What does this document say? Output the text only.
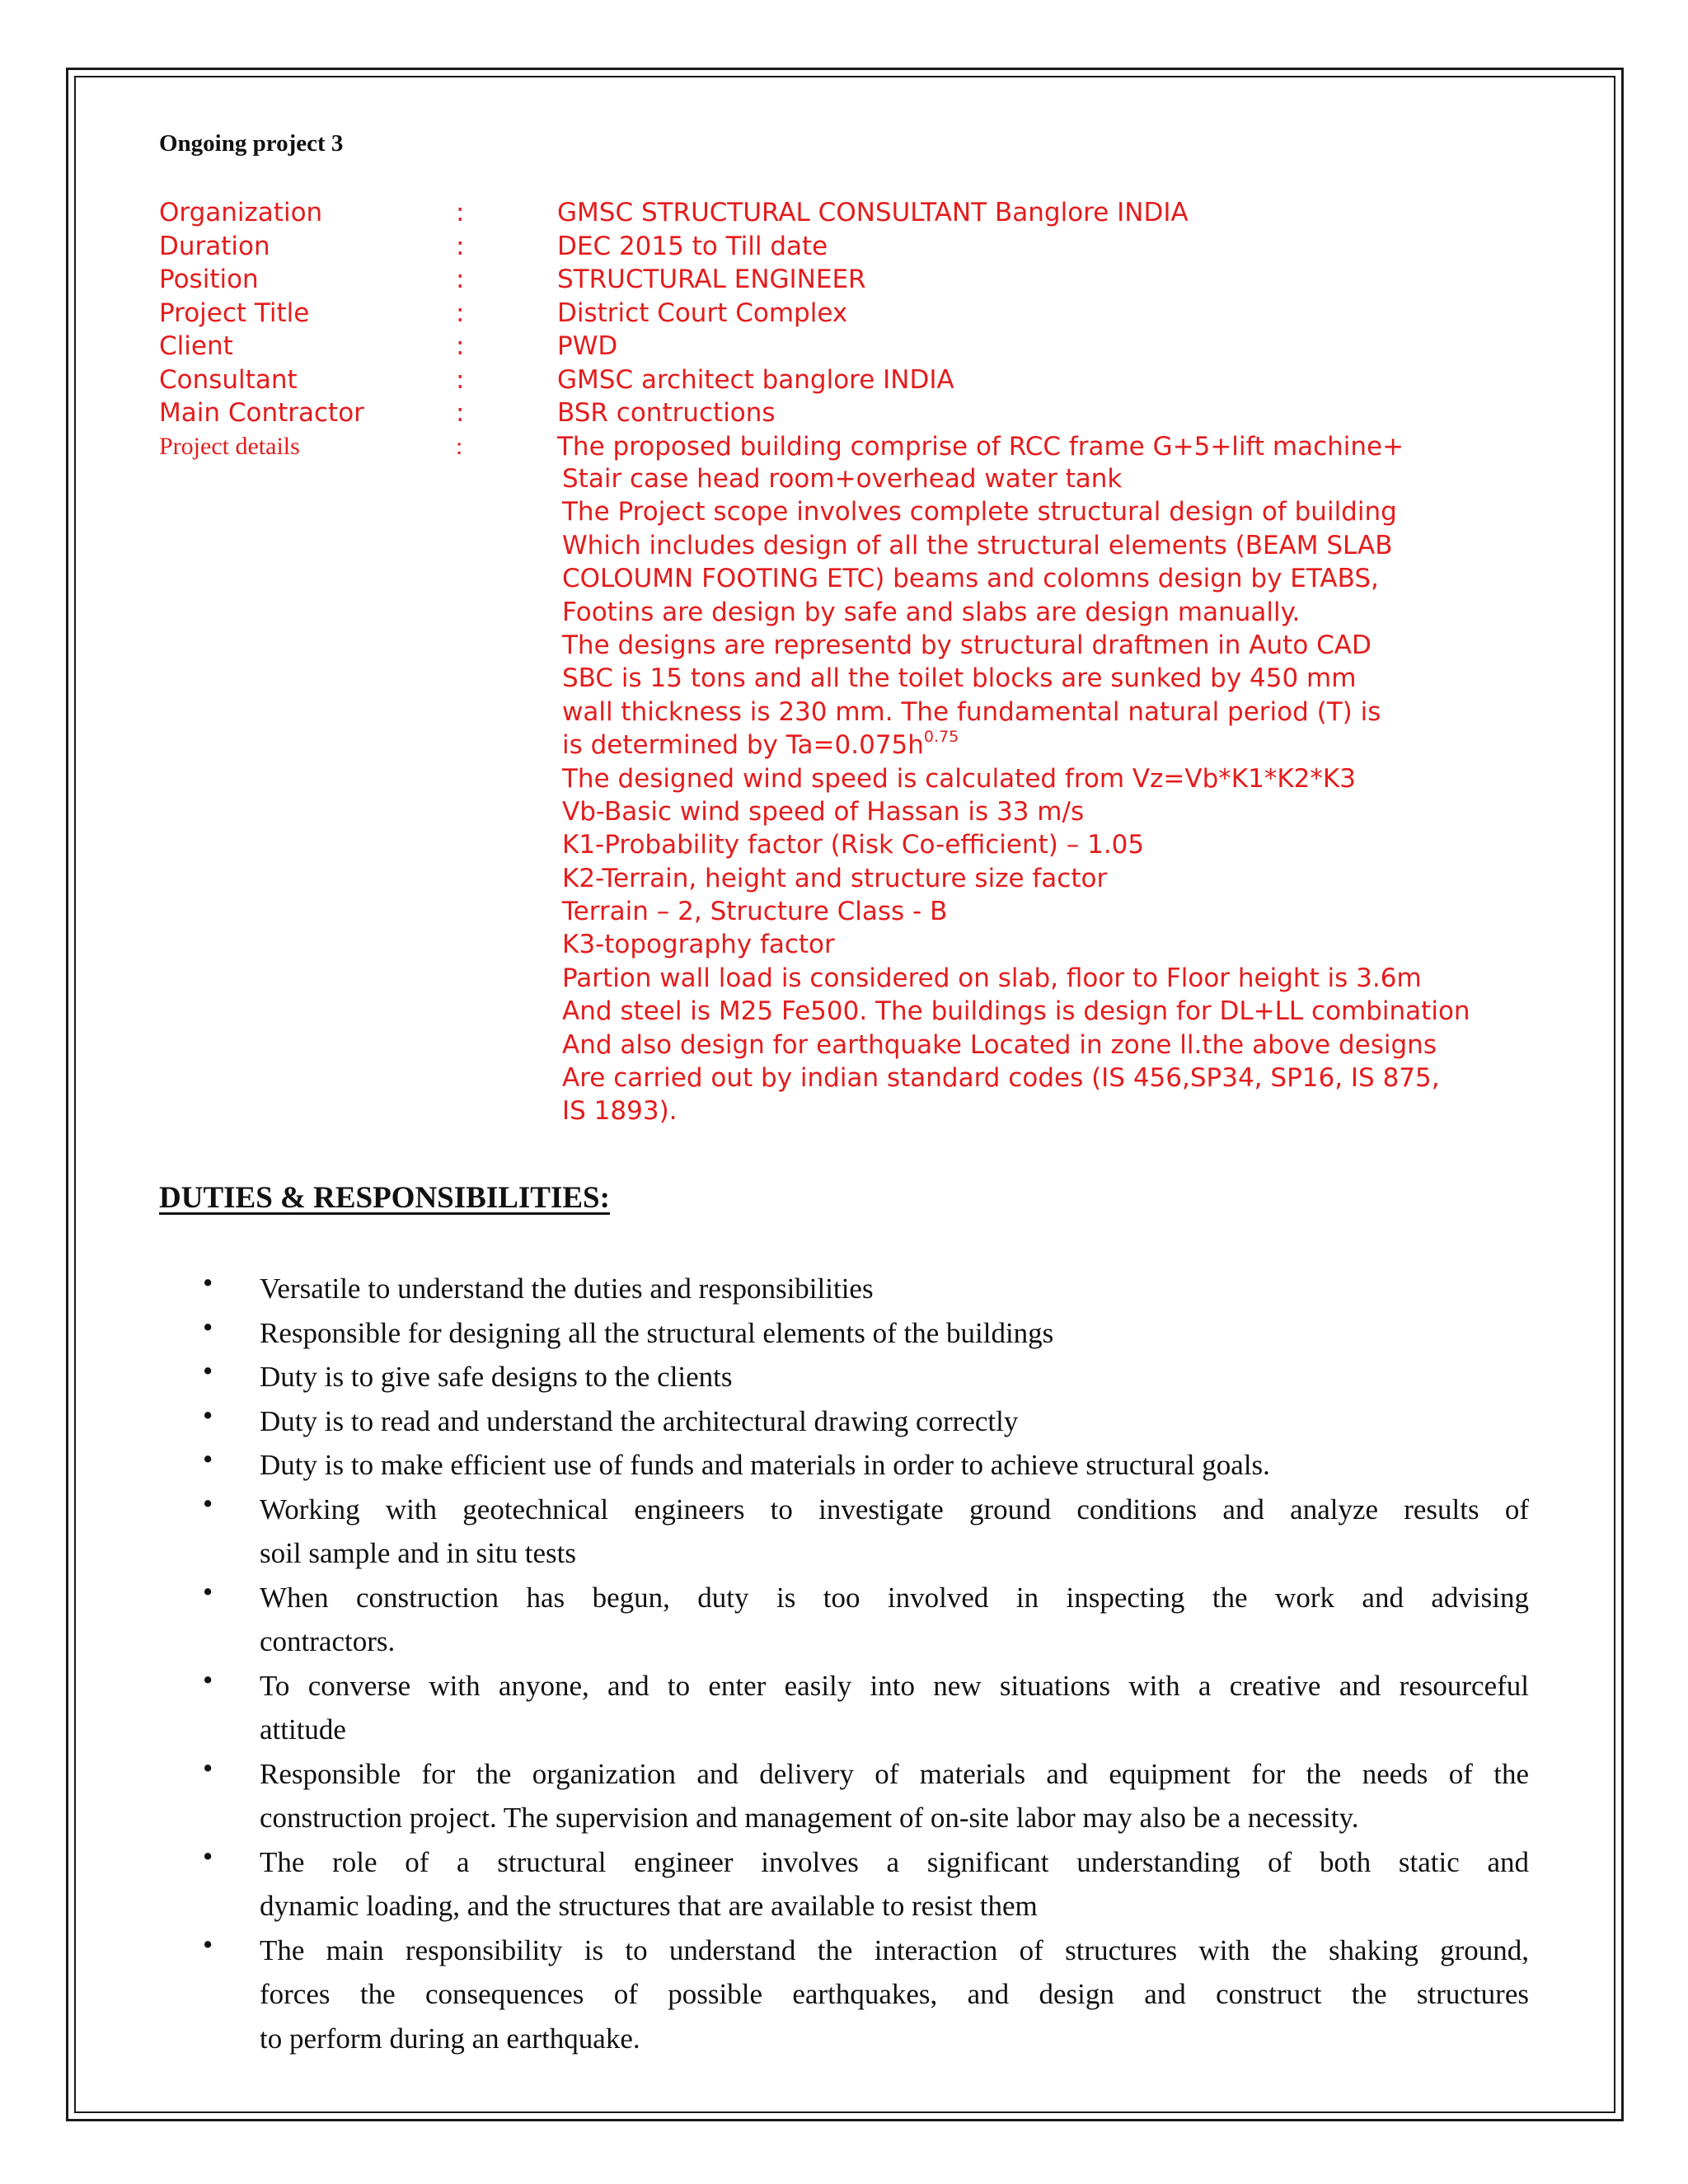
Ongoing project 3
Organization	:	GMSC STRUCTURAL CONSULTANT Banglore INDIA
Duration	:	DEC 2015 to Till date
Position	:	STRUCTURAL ENGINEER
Project Title	:	District Court Complex
Client	:	PWD
Consultant	:	GMSC architect banglore INDIA
Main Contractor	:	BSR contructions
Project details	:	The proposed building comprise of RCC frame G+5+lift machine+
Stair case head room+overhead water tank
The Project scope involves complete structural design of building
Which includes design of all the structural elements (BEAM SLAB
COLOUMN FOOTING ETC) beams and colomns design by ETABS,
Footins are design by safe and slabs are design manually.
The designs are representd by structural draftmen in Auto CAD
SBC is 15 tons and all the toilet blocks are sunked by 450 mm
wall thickness is 230 mm. The fundamental natural period (T) is
is determined by $Ta=0.075h^{0.75}$
The designed wind speed is calculated from Vz=Vb*K1*K2*K3
Vb-Basic wind speed of Hassan is 33 m/s
K1-Probability factor (Risk Co-efficient) – 1.05
K2-Terrain, height and structure size factor
Terrain – 2, Structure Class - B
K3-topography factor
Partion wall load is considered on slab, floor to Floor height is 3.6m
And steel is M25 Fe500. The buildings is design for DL+LL combination
And also design for earthquake Located in zone ll.the above designs
Are carried out by indian standard codes (IS 456,SP34, SP16, IS 875,
IS 1893).
DUTIES & RESPONSIBILITIES:
• Versatile to understand the duties and responsibilities
• Responsible for designing all the structural elements of the buildings
• Duty is to give safe designs to the clients
• Duty is to read and understand the architectural drawing correctly
• Duty is to make efficient use of funds and materials in order to achieve structural goals.
• Working with geotechnical engineers to investigate ground conditions and analyze results of
soil sample and in situ tests
• When construction has begun, duty is too involved in inspecting the work and advising
contractors.
• To converse with anyone, and to enter easily into new situations with a creative and resourceful
attitude
• Responsible for the organization and delivery of materials and equipment for the needs of the
construction project. The supervision and management of on-site labor may also be a necessity.
• The role of a structural engineer involves a significant understanding of both static and
dynamic loading, and the structures that are available to resist them
• The main responsibility is to understand the interaction of structures with the shaking ground,
forces the consequences of possible earthquakes, and design and construct the structures
to perform during an earthquake.
